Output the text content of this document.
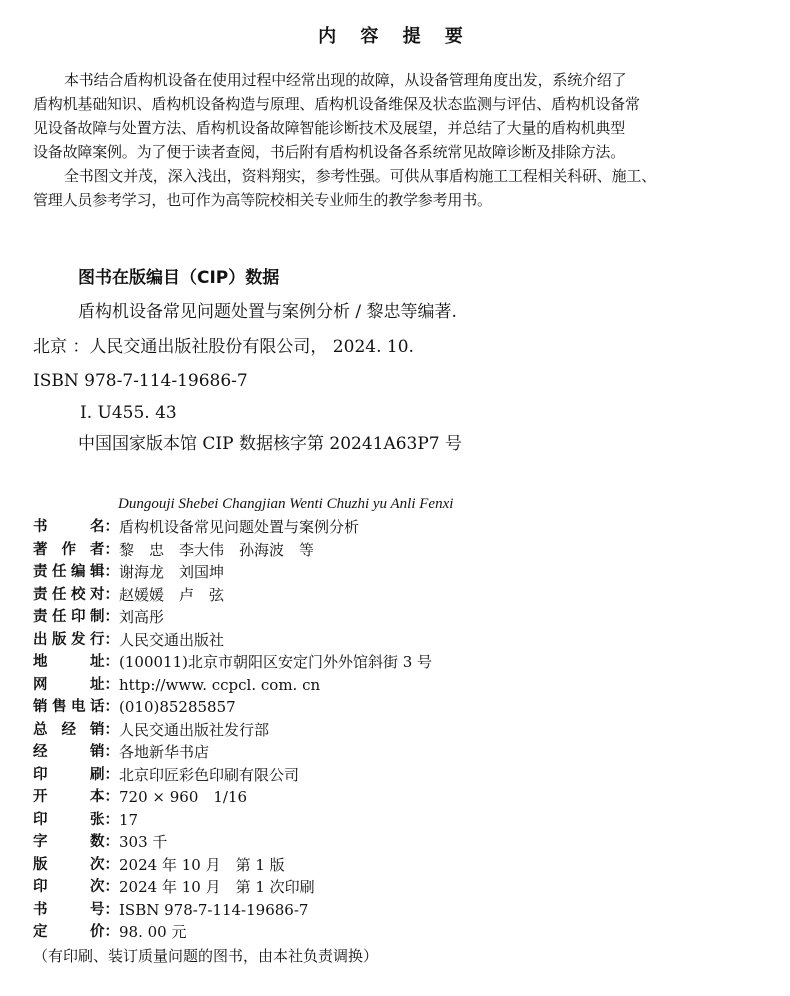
内 容 提 要
本书结合盾构机设备在使用过程中经常出现的故障，从设备管理角度出发，系统介绍了
盾构机基础知识、盾构机设备构造与原理、盾构机设备维保及状态监测与评估、盾构机设备常
见设备故障与处置方法、盾构机设备故障智能诊断技术及展望，并总结了大量的盾构机典型
设备故障案例。为了便于读者查阅，书后附有盾构机设备各系统常见故障诊断及排除方法。
全书图文并茂，深入浅出，资料翔实，参考性强。可供从事盾构施工工程相关科研、施工、
管理人员参考学习，也可作为高等院校相关专业师生的教学参考用书。
图书在版编目（CIP）数据
盾构机设备常见问题处置与案例分析 / 黎忠等编著.
北京 ：人民交通出版社股份有限公司， 2024. 10.
ISBN 978-7-114-19686-7
Ⅰ. U455. 43
中国国家版本馆 CIP 数据核字第 20241A63P7 号
Dungouji Shebei Changjian Wenti Chuzhi yu Anli Fenxi
书	名 ： 盾构机设备常见问题处置与案例分析
著 作 者 ： 黎　忠　李大伟　孙海波　等
责 任 编 辑 ： 谢海龙　刘国坤
责 任 校 对 ： 赵媛媛　卢　弦
责 任 印 制 ： 刘高彤
出 版 发 行 ： 人民交通出版社
地	址 ： (100011)北京市朝阳区安定门外外馆斜街 3 号
网	址 ： http://www. ccpcl. com. cn
销 售 电 话 ： (010)85285857
总 经 销 ： 人民交通出版社发行部
经	销 ： 各地新华书店
印	刷 ： 北京印匠彩色印刷有限公司
开	本 ： 720 × 960　1/16
印	张 ： 17
字	数 ： 303 千
版	次 ： 2024 年 10 月　第 1 版
印	次 ： 2024 年 10 月　第 1 次印刷
书	号 ： ISBN 978-7-114-19686-7
定	价 ： 98. 00 元
（有印刷、装订质量问题的图书，由本社负责调换）
